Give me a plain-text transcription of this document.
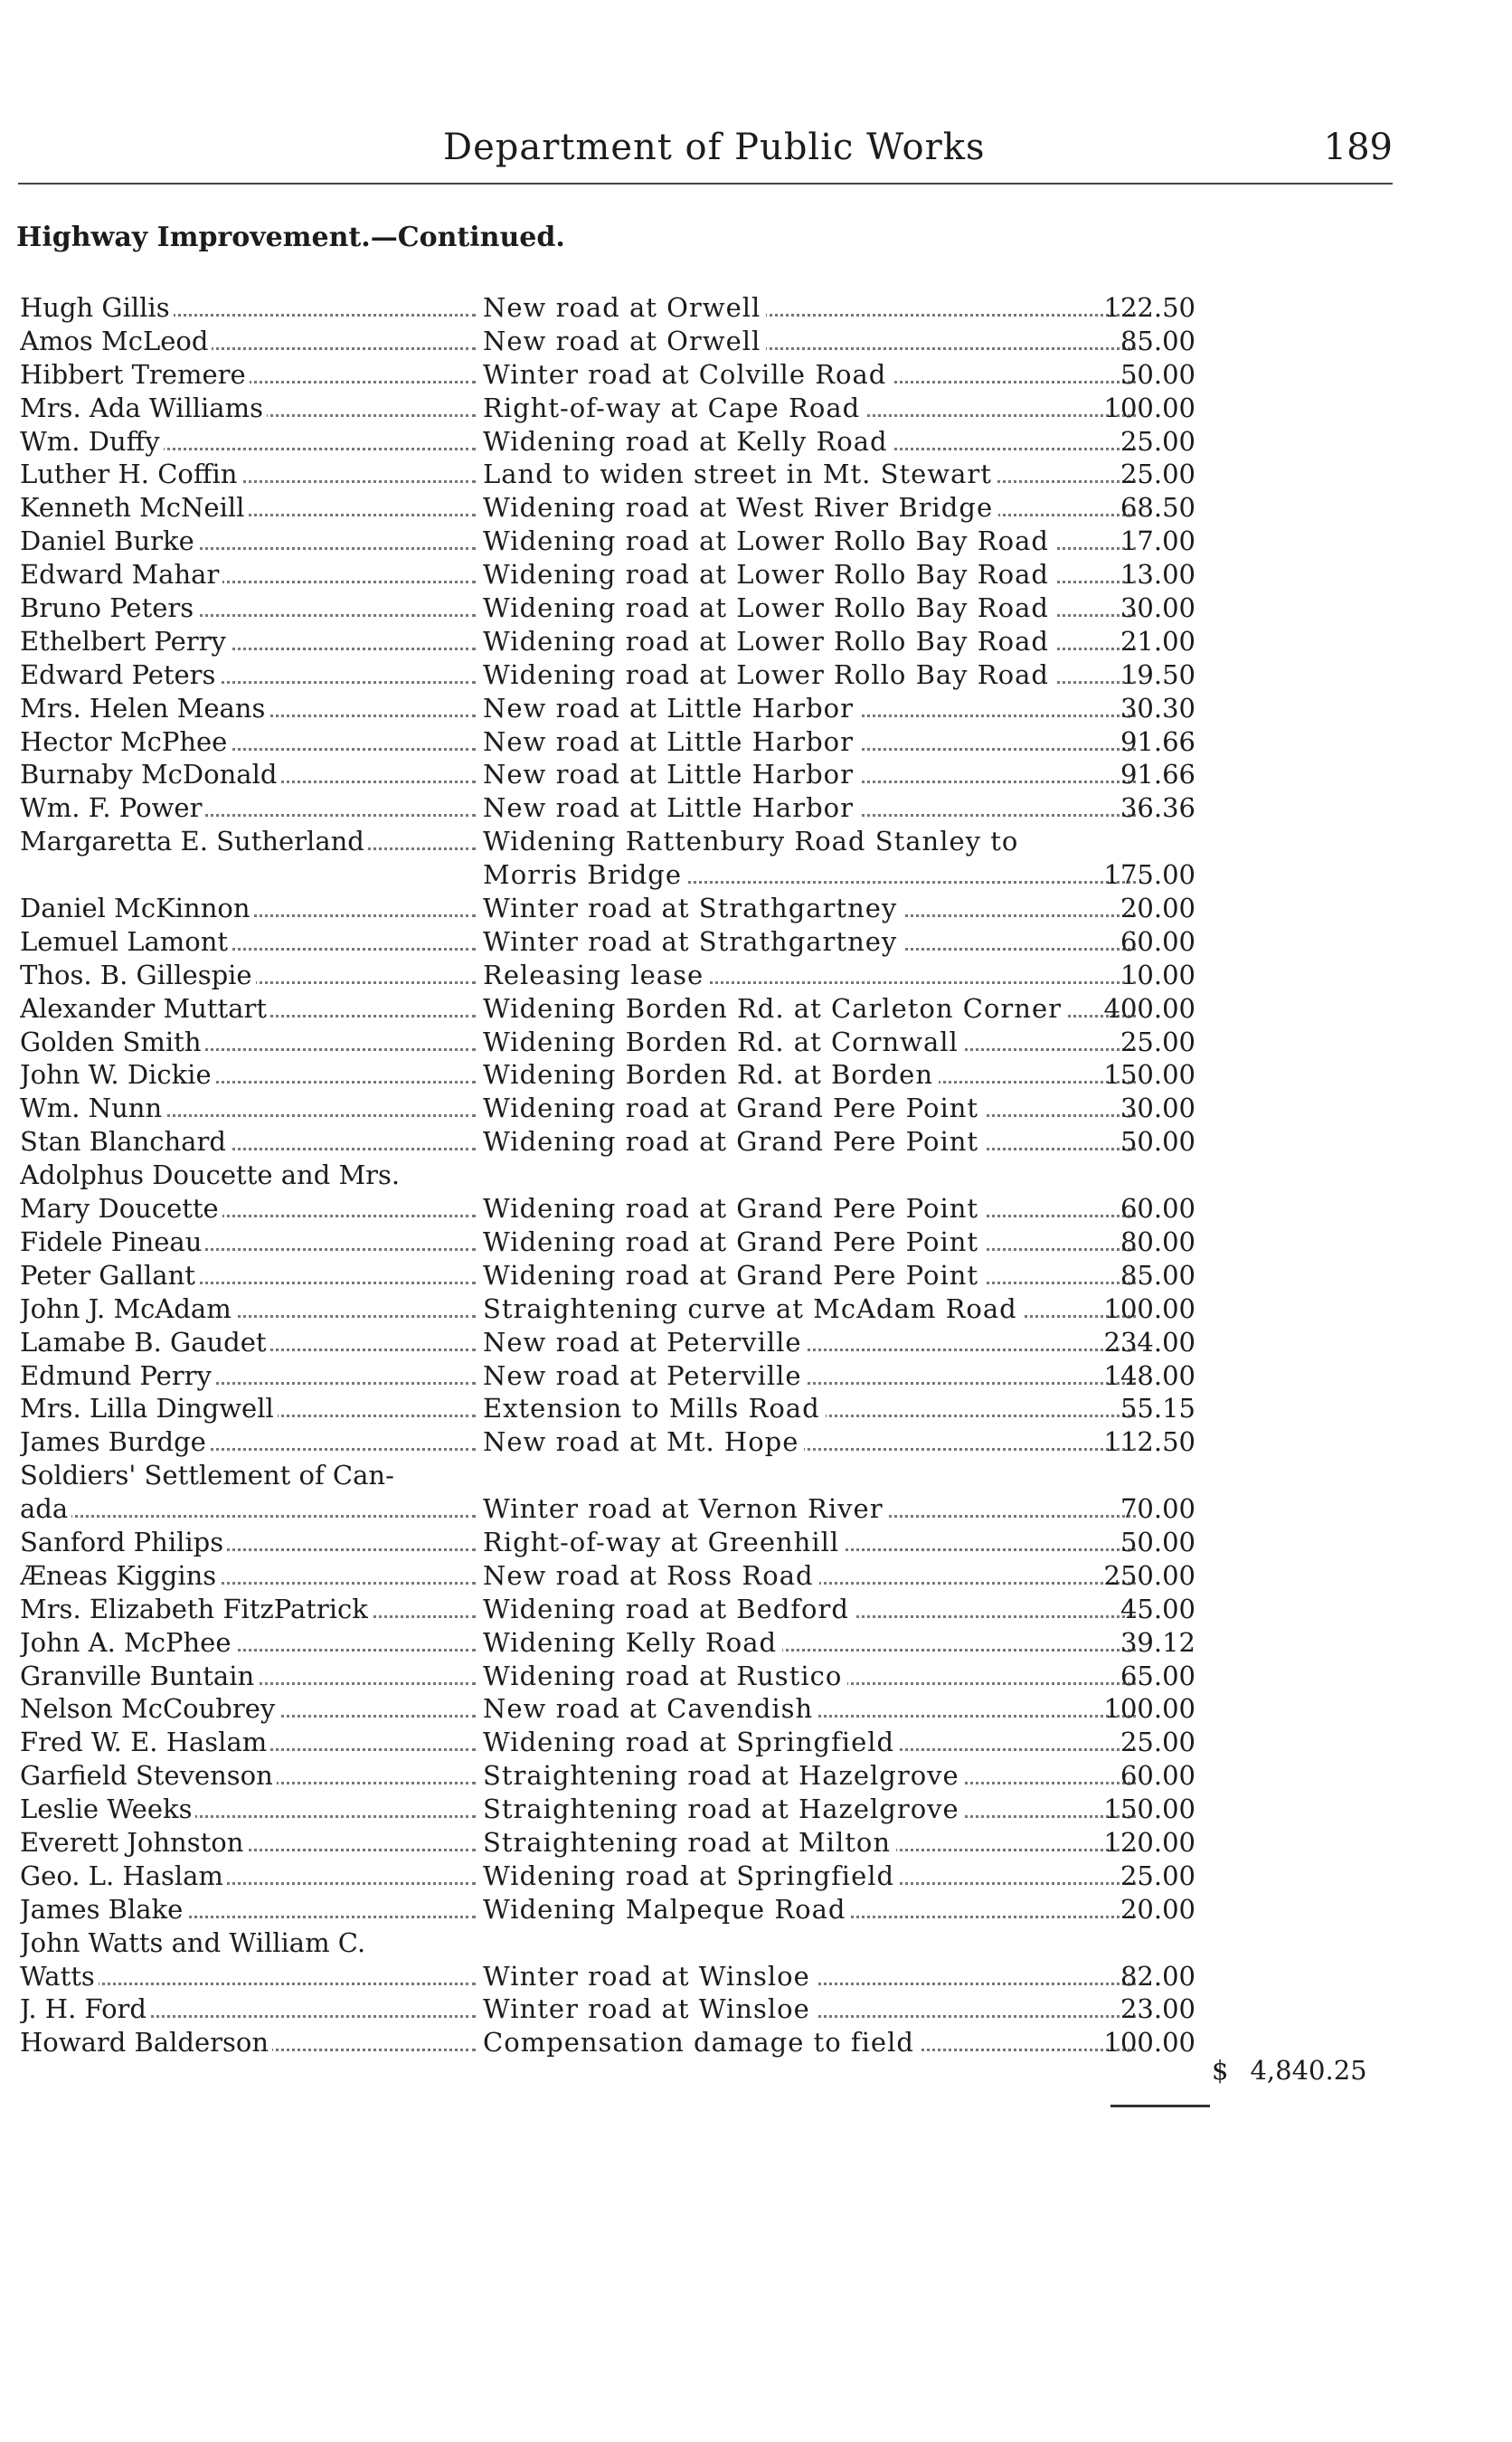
Department of Public Works	189
Highway Improvement.—Continued.
Hugh Gillis	New road at Orwell	122.50
Amos McLeod	New road at Orwell	85.00
Hibbert Tremere	Winter road at Colville Road	50.00
Mrs. Ada Williams	Right-of-way at Cape Road	100.00
Wm. Duffy	Widening road at Kelly Road	25.00
Luther H. Coffin	Land to widen street in Mt. Stewart	25.00
Kenneth McNeill	Widening road at West River Bridge	68.50
Daniel Burke	Widening road at Lower Rollo Bay Road	17.00
Edward Mahar	Widening road at Lower Rollo Bay Road	13.00
Bruno Peters	Widening road at Lower Rollo Bay Road	30.00
Ethelbert Perry	Widening road at Lower Rollo Bay Road	21.00
Edward Peters	Widening road at Lower Rollo Bay Road	19.50
Mrs. Helen Means	New road at Little Harbor	30.30
Hector McPhee	New road at Little Harbor	91.66
Burnaby McDonald	New road at Little Harbor	91.66
Wm. F. Power	New road at Little Harbor	36.36
Margaretta E. Sutherland	Widening Rattenbury Road Stanley to
Morris Bridge	175.00
Daniel McKinnon	Winter road at Strathgartney	20.00
Lemuel Lamont	Winter road at Strathgartney	60.00
Thos. B. Gillespie	Releasing lease	10.00
Alexander Muttart	Widening Borden Rd. at Carleton Corner	400.00
Golden Smith	Widening Borden Rd. at Cornwall	25.00
John W. Dickie	Widening Borden Rd. at Borden	150.00
Wm. Nunn	Widening road at Grand Pere Point	30.00
Stan Blanchard	Widening road at Grand Pere Point	50.00
Adolphus Doucette and Mrs.
Mary Doucette	Widening road at Grand Pere Point	60.00
Fidele Pineau	Widening road at Grand Pere Point	80.00
Peter Gallant	Widening road at Grand Pere Point	85.00
John J. McAdam	Straightening curve at McAdam Road	100.00
Lamabe B. Gaudet	New road at Peterville	234.00
Edmund Perry	New road at Peterville	148.00
Mrs. Lilla Dingwell	Extension to Mills Road	55.15
James Burdge	New road at Mt. Hope	112.50
Soldiers' Settlement of Can-
ada	Winter road at Vernon River	70.00
Sanford Philips	Right-of-way at Greenhill	50.00
Æneas Kiggins	New road at Ross Road	250.00
Mrs. Elizabeth FitzPatrick	Widening road at Bedford	45.00
John A. McPhee	Widening Kelly Road	39.12
Granville Buntain	Widening road at Rustico	65.00
Nelson McCoubrey	New road at Cavendish	100.00
Fred W. E. Haslam	Widening road at Springfield	25.00
Garfield Stevenson	Straightening road at Hazelgrove	60.00
Leslie Weeks	Straightening road at Hazelgrove	150.00
Everett Johnston	Straightening road at Milton	120.00
Geo. L. Haslam	Widening road at Springfield	25.00
James Blake	Widening Malpeque Road	20.00
John Watts and William C.
Watts	Winter road at Winsloe	82.00
J. H. Ford	Winter road at Winsloe	23.00
Howard Balderson	Compensation damage to field	100.00
$ 4,840.25
